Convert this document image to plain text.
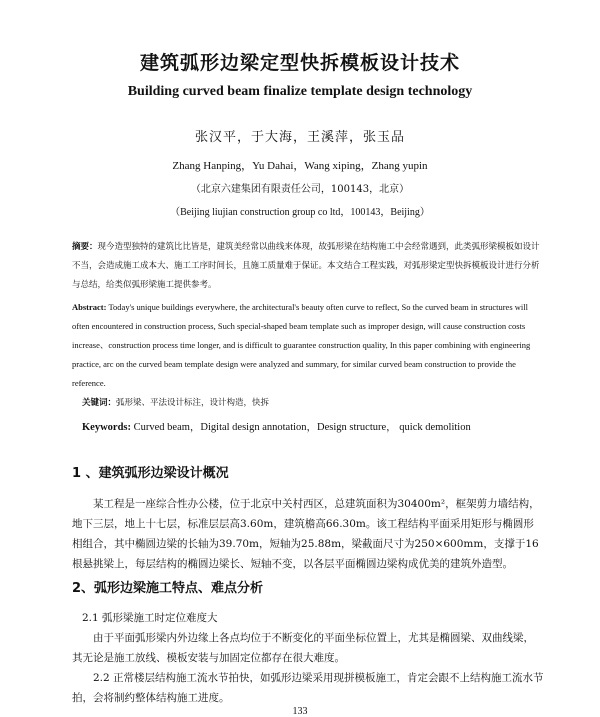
建筑弧形边梁定型快拆模板设计技术
Building curved beam finalize template design technology
张汉平，于大海，王溪萍，张玉品
Zhang Hanping，Yu Dahai，Wang xiping，Zhang yupin
（北京六建集团有限责任公司，100143，北京）
（Beijing liujian construction group co ltd，100143，Beijing）
摘要：现今造型独特的建筑比比皆是，建筑美经常以曲线来体现，故弧形梁在结构施工中会经常遇到，此类弧形梁模板如设计不当，会造成施工成本大、施工工序时间长，且施工质量难于保证。本文结合工程实践，对弧形梁定型快拆模板设计进行分析与总结，给类似弧形梁施工提供参考。
Abstract: Today's unique buildings everywhere, the architectural's beauty often curve to reflect, So the curved beam in structures will often encountered in construction process, Such special-shaped beam template such as improper design, will cause construction costs increase、construction process time longer, and is difficult to guarantee construction quality, In this paper combining with engineering practice, arc on the curved beam template design were analyzed and summary, for similar curved beam construction to provide the reference.
关键词：弧形梁、平法设计标注，设计构造，快拆
Keywords: Curved beam，Digital design annotation，Design structure， quick demolition
1 、建筑弧形边梁设计概况
某工程是一座综合性办公楼，位于北京中关村西区，总建筑面积为30400m²，框架剪力墙结构，地下三层，地上十七层，标准层层高3.60m，建筑檐高66.30m。该工程结构平面采用矩形与椭圆形相组合，其中椭圆边梁的长轴为39.70m，短轴为25.88m，梁截面尺寸为250×600mm，支撑于16根悬挑梁上，每层结构的椭圆边梁长、短轴不变，以各层平面椭圆边梁构成优美的建筑外造型。
2、弧形边梁施工特点、难点分析
2.1 弧形梁施工时定位难度大
由于平面弧形梁内外边缘上各点均位于不断变化的平面坐标位置上，尤其是椭圆梁、双曲线梁，其无论是施工放线、模板安装与加固定位都存在很大难度。
2.2 正常楼层结构施工流水节拍快，如弧形边梁采用现拼模板施工，肯定会跟不上结构施工流水节拍，会将制约整体结构施工进度。
133
